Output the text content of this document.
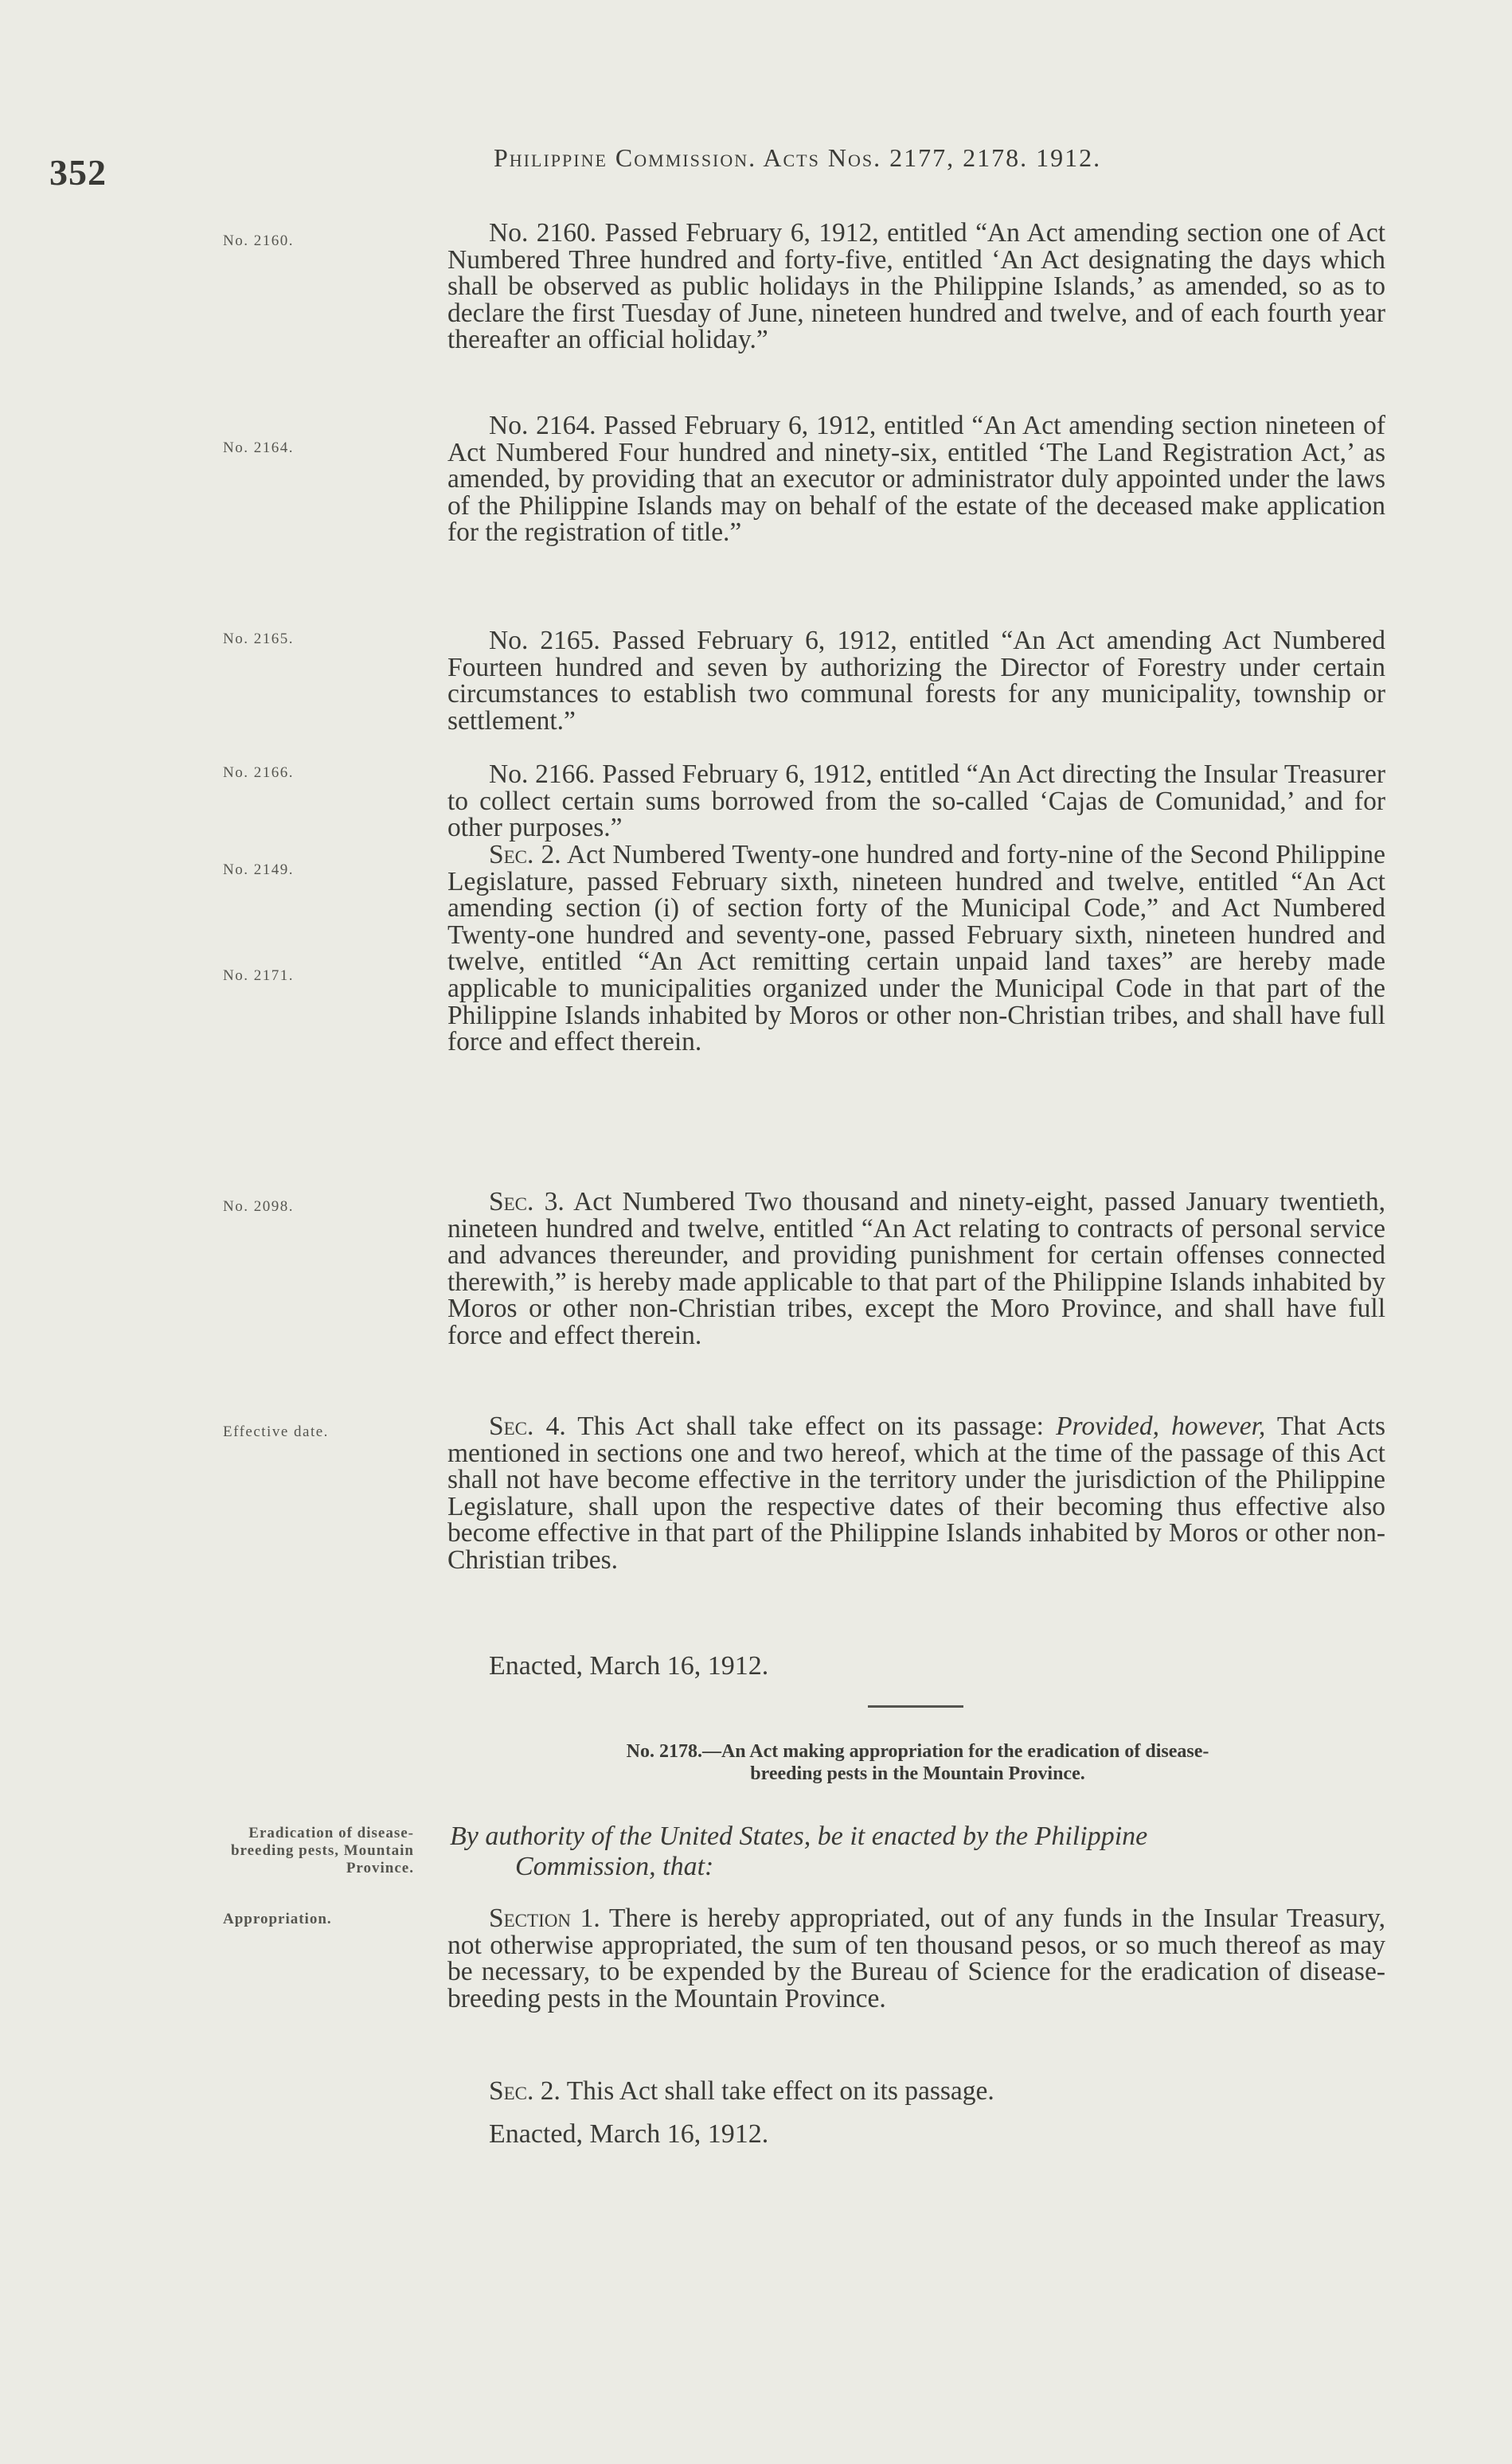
352	Philippine Commission. Acts Nos. 2177, 2178. 1912.
No. 2160.
No. 2164.
No. 2165.
No. 2166.
No. 2149.
No. 2171.
No. 2098.
Effective date.
Eradication of disease-breeding pests, Mountain Province.
Appropriation.

No. 2160. Passed February 6, 1912, entitled “An Act amending section one of Act Numbered Three hundred and forty-five, entitled ‘An Act designating the days which shall be observed as public holidays in the Philippine Islands,’ as amended, so as to declare the first Tuesday of June, nineteen hundred and twelve, and of each fourth year thereafter an official holiday.”

No. 2164. Passed February 6, 1912, entitled “An Act amending section nineteen of Act Numbered Four hundred and ninety-six, entitled ‘The Land Registration Act,’ as amended, by providing that an executor or administrator duly appointed under the laws of the Philippine Islands may on behalf of the estate of the deceased make application for the registration of title.”

No. 2165. Passed February 6, 1912, entitled “An Act amending Act Numbered Fourteen hundred and seven by authorizing the Director of Forestry under certain circumstances to establish two communal forests for any municipality, township or settlement.”

No. 2166. Passed February 6, 1912, entitled “An Act directing the Insular Treasurer to collect certain sums borrowed from the so-called ‘Cajas de Comunidad,’ and for other purposes.”

Sec. 2. Act Numbered Twenty-one hundred and forty-nine of the Second Philippine Legislature, passed February sixth, nineteen hundred and twelve, entitled “An Act amending section (i) of section forty of the Municipal Code,” and Act Numbered Twenty-one hundred and seventy-one, passed February sixth, nineteen hundred and twelve, entitled “An Act remitting certain unpaid land taxes” are hereby made applicable to municipalities organized under the Municipal Code in that part of the Philippine Islands inhabited by Moros or other non-Christian tribes, and shall have full force and effect therein.

Sec. 3. Act Numbered Two thousand and ninety-eight, passed January twentieth, nineteen hundred and twelve, entitled “An Act relating to contracts of personal service and advances thereunder, and providing punishment for certain offenses connected therewith,” is hereby made applicable to that part of the Philippine Islands inhabited by Moros or other non-Christian tribes, except the Moro Province, and shall have full force and effect therein.

Sec. 4. This Act shall take effect on its passage: Provided, however, That Acts mentioned in sections one and two hereof, which at the time of the passage of this Act shall not have become effective in the territory under the jurisdiction of the Philippine Legislature, shall upon the respective dates of their becoming thus effective also become effective in that part of the Philippine Islands inhabited by Moros or other non-Christian tribes.

Enacted, March 16, 1912.

No. 2178.—An Act making appropriation for the eradication of disease-
breeding pests in the Mountain Province.

By authority of the United States, be it enacted by the Philippine
Commission, that:

Section 1. There is hereby appropriated, out of any funds in the Insular Treasury, not otherwise appropriated, the sum of ten thousand pesos, or so much thereof as may be necessary, to be expended by the Bureau of Science for the eradication of disease-breeding pests in the Mountain Province.

Sec. 2. This Act shall take effect on its passage.

Enacted, March 16, 1912.
